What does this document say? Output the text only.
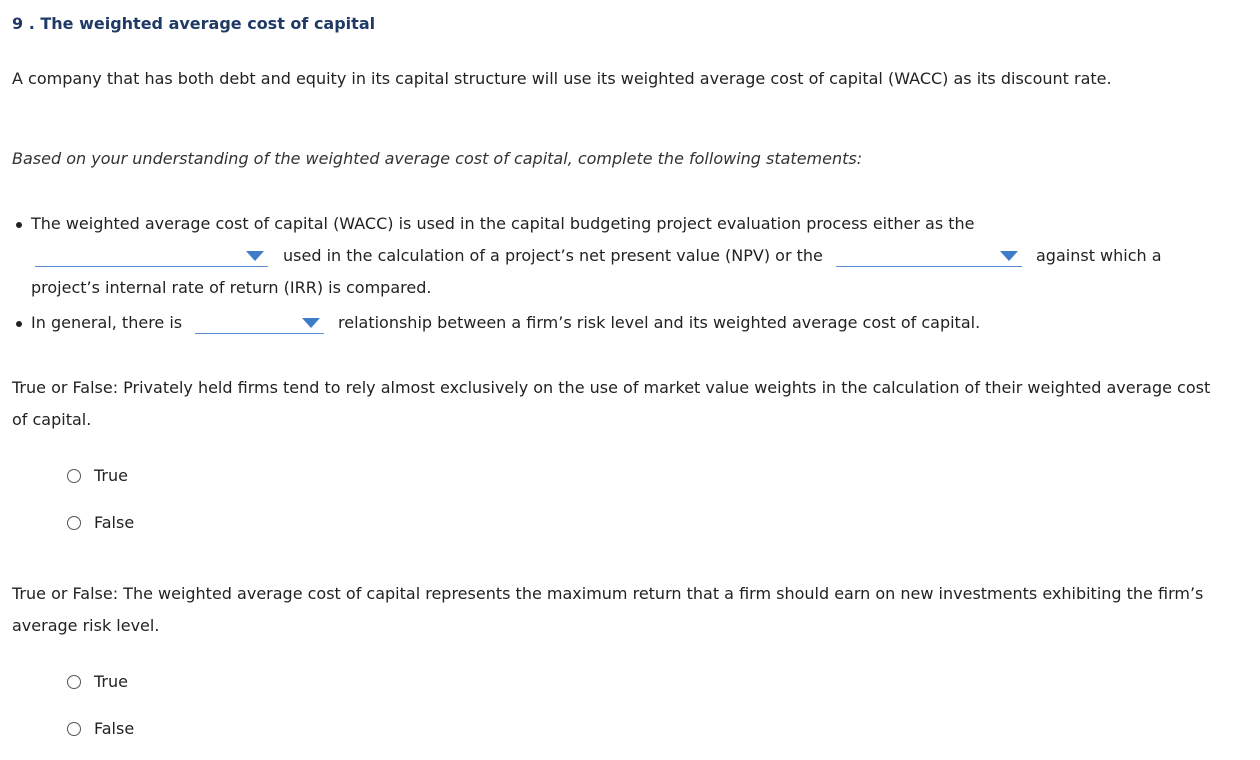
9 . The weighted average cost of capital
A company that has both debt and equity in its capital structure will use its weighted average cost of capital (WACC) as its discount rate.
Based on your understanding of the weighted average cost of capital, complete the following statements:
The weighted average cost of capital (WACC) is used in the capital budgeting project evaluation process either as the
used in the calculation of a project’s net present value (NPV) or the	against which a
project’s internal rate of return (IRR) is compared.
In general, there is	relationship between a firm’s risk level and its weighted average cost of capital.
True or False: Privately held firms tend to rely almost exclusively on the use of market value weights in the calculation of their weighted average cost
of capital.
True
False
True or False: The weighted average cost of capital represents the maximum return that a firm should earn on new investments exhibiting the firm’s
average risk level.
True
False
